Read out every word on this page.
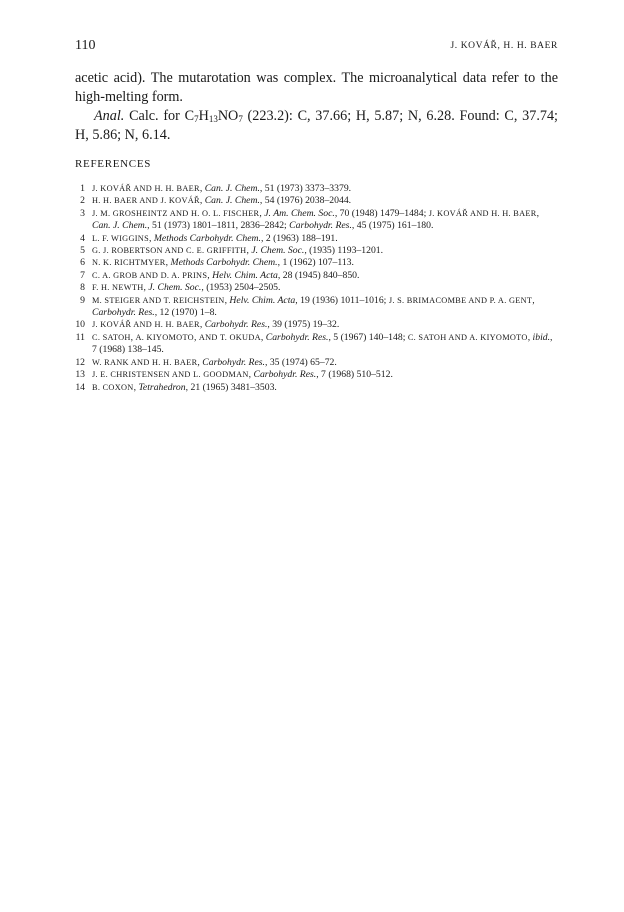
110	J. KOVÁŘ, H. H. BAER

acetic acid). The mutarotation was complex. The microanalytical data refer to the high-melting form.

Anal. Calc. for $C_7H_{13}NO_7$ (223.2): C, 37.66; H, 5.87; N, 6.28. Found: C, 37.74; H, 5.86; N, 6.14.

REFERENCES
1 J. KOVÁŘ AND H. H. BAER, Can. J. Chem., 51 (1973) 3373–3379.
2 H. H. BAER AND J. KOVÁŘ, Can. J. Chem., 54 (1976) 2038–2044.
3 J. M. GROSHEINTZ AND H. O. L. FISCHER, J. Am. Chem. Soc., 70 (1948) 1479–1484; J. KOVÁŘ AND H. H. BAER, Can. J. Chem., 51 (1973) 1801–1811, 2836–2842; Carbohydr. Res., 45 (1975) 161–180.
4 L. F. WIGGINS, Methods Carbohydr. Chem., 2 (1963) 188–191.
5 G. J. ROBERTSON AND C. E. GRIFFITH, J. Chem. Soc., (1935) 1193–1201.
6 N. K. RICHTMYER, Methods Carbohydr. Chem., 1 (1962) 107–113.
7 C. A. GROB AND D. A. PRINS, Helv. Chim. Acta, 28 (1945) 840–850.
8 F. H. NEWTH, J. Chem. Soc., (1953) 2504–2505.
9 M. STEIGER AND T. REICHSTEIN, Helv. Chim. Acta, 19 (1936) 1011–1016; J. S. BRIMACOMBE AND P. A. GENT, Carbohydr. Res., 12 (1970) 1–8.
10 J. KOVÁŘ AND H. H. BAER, Carbohydr. Res., 39 (1975) 19–32.
11 C. SATOH, A. KIYOMOTO, AND T. OKUDA, Carbohydr. Res., 5 (1967) 140–148; C. SATOH AND A. KIYOMOTO, ibid., 7 (1968) 138–145.
12 W. RANK AND H. H. BAER, Carbohydr. Res., 35 (1974) 65–72.
13 J. E. CHRISTENSEN AND L. GOODMAN, Carbohydr. Res., 7 (1968) 510–512.
14 B. COXON, Tetrahedron, 21 (1965) 3481–3503.
